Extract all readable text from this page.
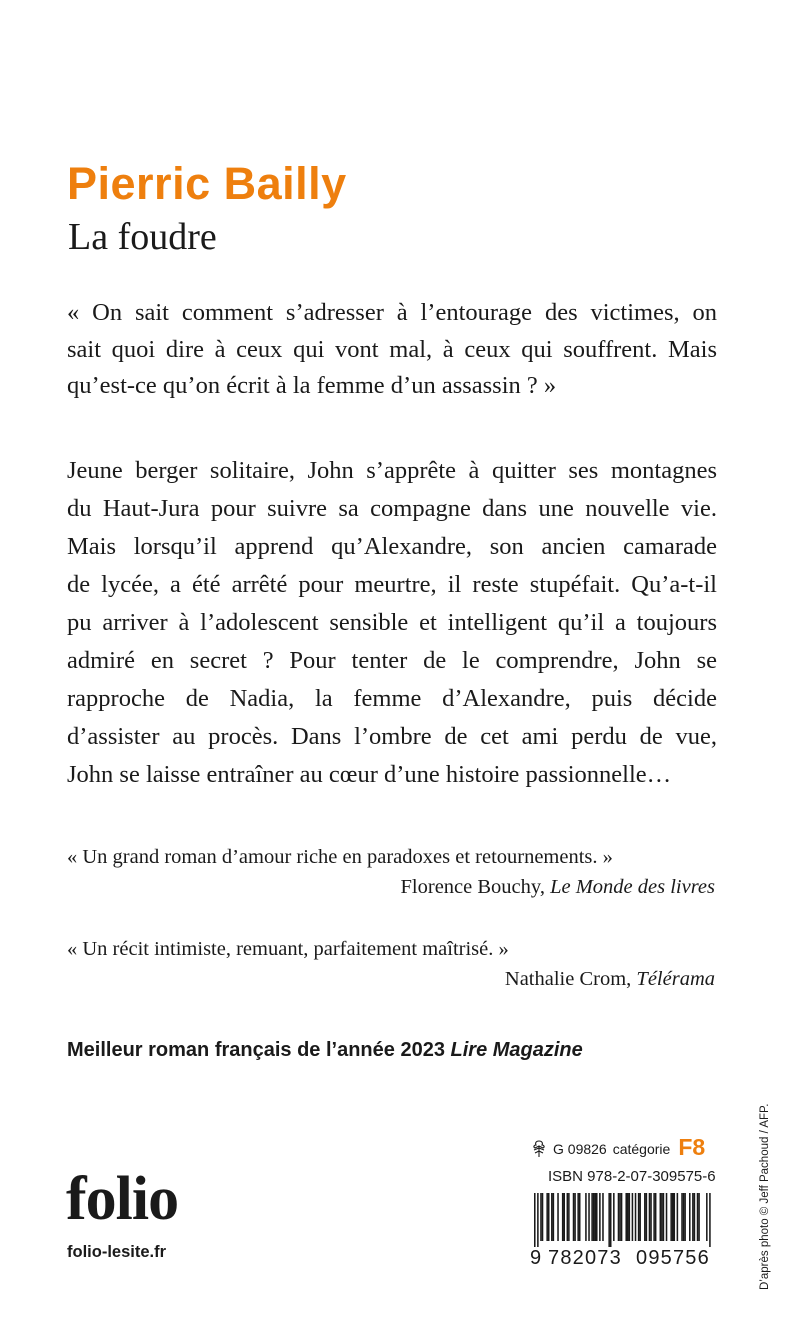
Pierric Bailly
La foudre
« On sait comment s’adresser à l’entourage des victimes, on
sait quoi dire à ceux qui vont mal, à ceux qui souffrent. Mais
qu’est-ce qu’on écrit à la femme d’un assassin ? »
Jeune berger solitaire, John s’apprête à quitter ses montagnes
du Haut-Jura pour suivre sa compagne dans une nouvelle vie.
Mais lorsqu’il apprend qu’Alexandre, son ancien camarade
de lycée, a été arrêté pour meurtre, il reste stupéfait. Qu’a-t-il
pu arriver à l’adolescent sensible et intelligent qu’il a toujours
admiré en secret ? Pour tenter de le comprendre, John se
rapproche de Nadia, la femme d’Alexandre, puis décide
d’assister au procès. Dans l’ombre de cet ami perdu de vue,
John se laisse entraîner au cœur d’une histoire passionnelle…
« Un grand roman d’amour riche en paradoxes et retournements. »
Florence Bouchy, Le Monde des livres
« Un récit intimiste, remuant, parfaitement maîtrisé. »
Nathalie Crom, Télérama
Meilleur roman français de l’année 2023 Lire Magazine
folio
folio-lesite.fr
G 09826 catégorie F8
ISBN 978-2-07-309575-6
9 782073 095756	D’après photo © Jeff Pachoud / AFP.
